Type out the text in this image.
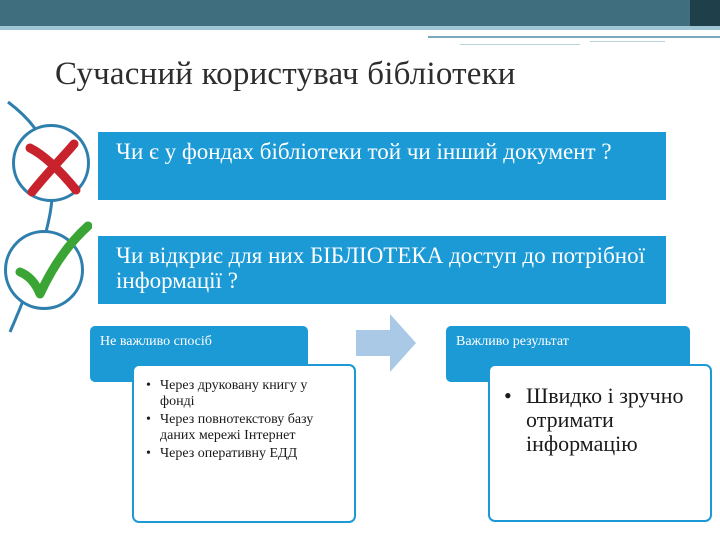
Сучасний користувач бібліотеки
Чи є у фондах бібліотеки той чи інший документ ?
Чи відкриє для них БІБЛІОТЕКА доступ до потрібної інформації ?
Не важливо спосіб	Важливо результат
• Через друковану книгу у фонді
• Через повнотекстову базу даних мережі Інтернет
• Через оперативну ЕДД
• Швидко і зручно отримати інформацію
